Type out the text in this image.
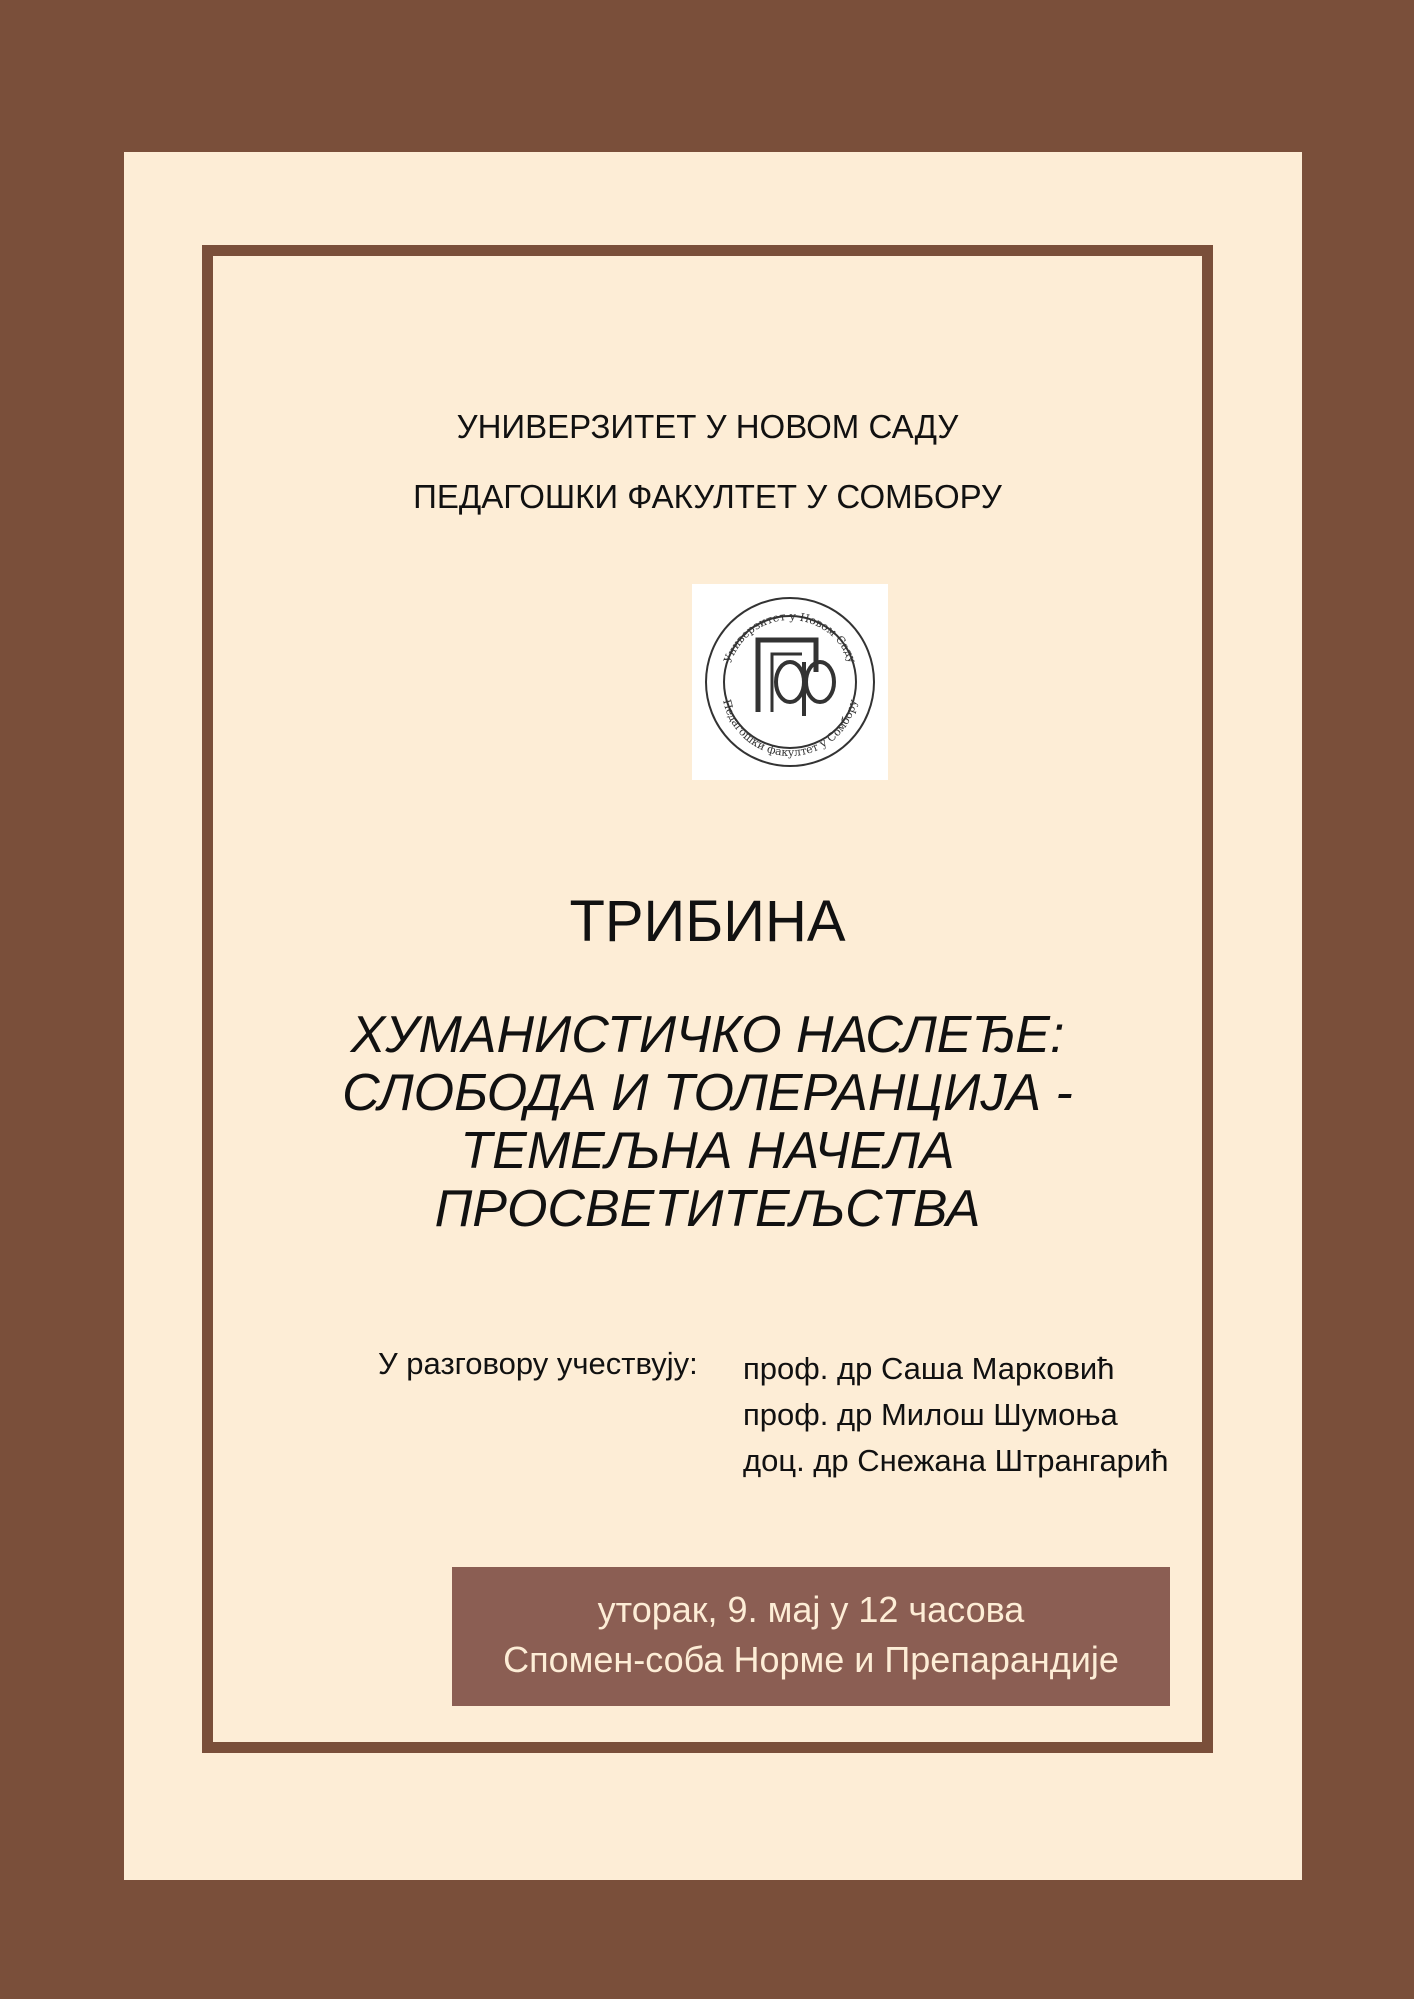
УНИВЕРЗИТЕТ У НОВОМ САДУ
ПЕДАГОШКИ ФАКУЛТЕТ У СОМБОРУ
Универзитет у Новом Саду
Педагошки факултет у Сомбору
ТРИБИНА
ХУМАНИСТИЧКО НАСЛЕЂЕ:
СЛОБОДА И ТОЛЕРАНЦИЈА -
ТЕМЕЉНА НАЧЕЛА
ПРОСВЕТИТЕЉСТВА
У разговору учествују: проф. др Саша Марковић
проф. др Милош Шумоња
доц. др Снежана Штрангарић
уторак, 9. мај у 12 часова
Спомен-соба Норме и Препарандије
